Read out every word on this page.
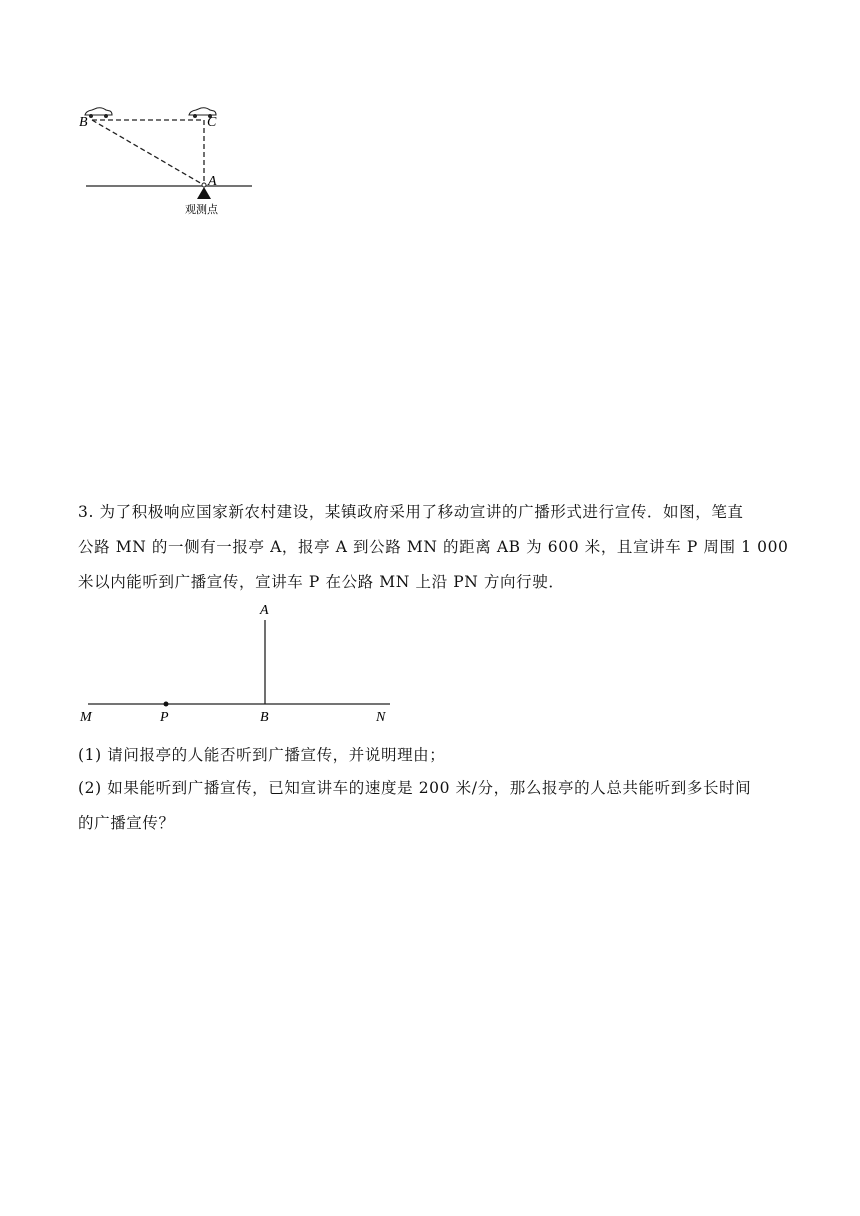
B	C
A
观测点
3. 为了积极响应国家新农村建设，某镇政府采用了移动宣讲的广播形式进行宣传．如图，笔直 公路 MN 的一侧有一报亭 A，报亭 A 到公路 MN 的距离 AB 为 600 米，且宣讲车 P 周围 1 000 米以内能听到广播宣传，宣讲车 P 在公路 MN 上沿 PN 方向行驶．
A
M	P	B	N
(1) 请问报亭的人能否听到广播宣传，并说明理由；
(2) 如果能听到广播宣传，已知宣讲车的速度是 200 米/分，那么报亭的人总共能听到多长时间 的广播宣传？
